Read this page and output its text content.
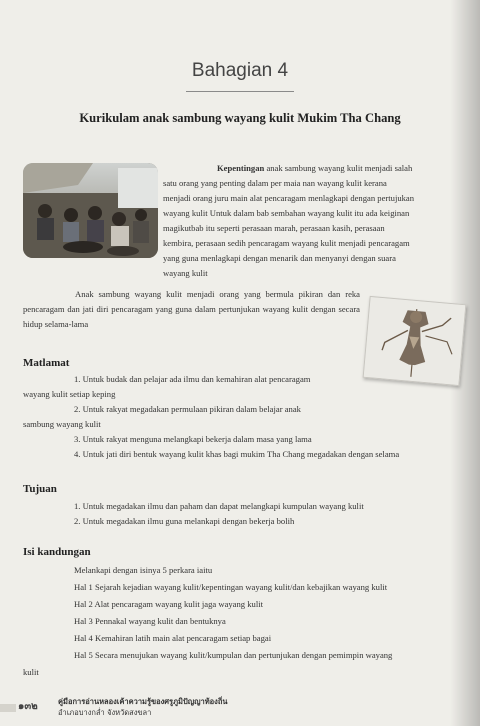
Bahagian 4
Kurikulam anak sambung wayang kulit Mukim Tha Chang

Kepentingan anak sambung wayang kulit menjadi salah

satu orang yang penting dalam per maia nan wayang kulit kerana

menjadi orang juru main alat pencaragam menlagkapi dengan pertujukan

wayang kulit Untuk dalam bab sembahan wayang kulit itu ada keiginan

magikutbab itu seperti perasaan marah, perasaan kasih, perasaan

kembira, perasaan sedih pencaragam wayang kulit menjadi pencaragam

yang guna menlagkapi dengan menarik dan menyanyi dengan suara

wayang kulit

Anak sambung wayang kulit menjadi orang yang bermula pikiran dan reka pencaragam dan jati diri pencaragam yang guna dalam pertunjukan wayang kulit dengan secara hidup selama-lama

Matlamat
1. Untuk budak dan pelajar ada ilmu dan kemahiran alat pencaragam
wayang kulit setiap keping
2. Untuk rakyat megadakan permulaan pikiran dalam belajar anak
sambung wayang kulit
3. Untuk rakyat menguna melangkapi bekerja dalam masa yang lama
4. Untuk jati diri bentuk wayang kulit khas bagi mukim Tha Chang megadakan dengan selama
Tujuan
1. Untuk megadakan ilmu dan paham dan dapat melangkapi kumpulan wayang kulit
2. Untuk megadakan ilmu guna melankapi dengan bekerja bolih
Isi kandungan
Melankapi dengan isinya 5 perkara iaitu
Hal 1 Sejarah kejadian wayang kulit/kepentingan wayang kulit/dan kebajikan wayang kulit
Hal 2 Alat pencaragam wayang kulit jaga wayang kulit
Hal 3 Pennakal wayang kulit dan bentuknya
Hal 4 Kemahiran latih main alat pencaragam setiap bagai
Hal 5 Secara menujukan wayang kulit/kumpulan dan pertunjukan dengan pemimpin wayang
kulit
๑๓๒	คู่มือการอ่านหลองเค้าความรู้ของศรูภูมิปัญญาท้องถิ่น
อำเภอบางกล่ำ จังหวัดสงขลา
